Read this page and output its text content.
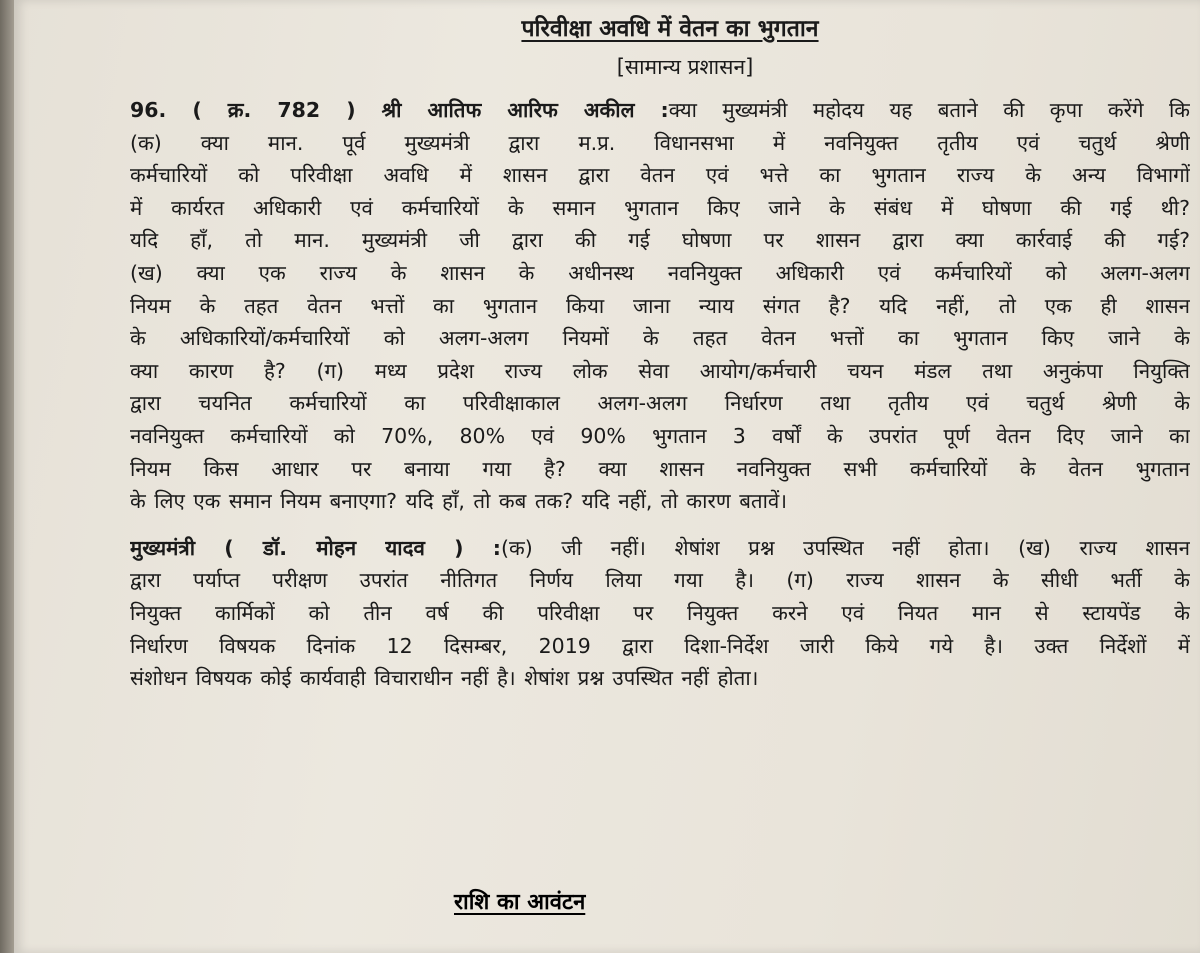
परिवीक्षा अवधि में वेतन का भुगतान

[सामान्य प्रशासन]

96. ( क्र. 782 ) श्री आतिफ आरिफ अकील :क्या मुख्यमंत्री महोदय यह बताने की कृपा करेंगे कि
(क) क्या मान. पूर्व मुख्यमंत्री द्वारा म.प्र. विधानसभा में नवनियुक्त तृतीय एवं चतुर्थ श्रेणी
कर्मचारियों को परिवीक्षा अवधि में शासन द्वारा वेतन एवं भत्ते का भुगतान राज्य के अन्य विभागों
में कार्यरत अधिकारी एवं कर्मचारियों के समान भुगतान किए जाने के संबंध में घोषणा की गई थी?
यदि हाँ, तो मान. मुख्यमंत्री जी द्वारा की गई घोषणा पर शासन द्वारा क्या कार्रवाई की गई?
(ख) क्या एक राज्य के शासन के अधीनस्थ नवनियुक्त अधिकारी एवं कर्मचारियों को अलग-अलग
नियम के तहत वेतन भत्तों का भुगतान किया जाना न्याय संगत है? यदि नहीं, तो एक ही शासन
के अधिकारियों/कर्मचारियों को अलग-अलग नियमों के तहत वेतन भत्तों का भुगतान किए जाने के
क्या कारण है? (ग) मध्य प्रदेश राज्य लोक सेवा आयोग/कर्मचारी चयन मंडल तथा अनुकंपा नियुक्ति
द्वारा चयनित कर्मचारियों का परिवीक्षाकाल अलग-अलग निर्धारण तथा तृतीय एवं चतुर्थ श्रेणी के
नवनियुक्त कर्मचारियों को 70%, 80% एवं 90% भुगतान 3 वर्षों के उपरांत पूर्ण वेतन दिए जाने का
नियम किस आधार पर बनाया गया है? क्या शासन नवनियुक्त सभी कर्मचारियों के वेतन भुगतान
के लिए एक समान नियम बनाएगा? यदि हाँ, तो कब तक? यदि नहीं, तो कारण बतावें।
मुख्यमंत्री ( डॉ. मोहन यादव ) :(क) जी नहीं। शेषांश प्रश्न उपस्थित नहीं होता। (ख) राज्य शासन
द्वारा पर्याप्त परीक्षण उपरांत नीतिगत निर्णय लिया गया है। (ग) राज्य शासन के सीधी भर्ती के
नियुक्त कार्मिकों को तीन वर्ष की परिवीक्षा पर नियुक्त करने एवं नियत मान से स्टायपेंड के
निर्धारण विषयक दिनांक 12 दिसम्बर, 2019 द्वारा दिशा-निर्देश जारी किये गये है। उक्त निर्देशों में
संशोधन विषयक कोई कार्यवाही विचाराधीन नहीं है। शेषांश प्रश्न उपस्थित नहीं होता।
राशि का आवंटन
